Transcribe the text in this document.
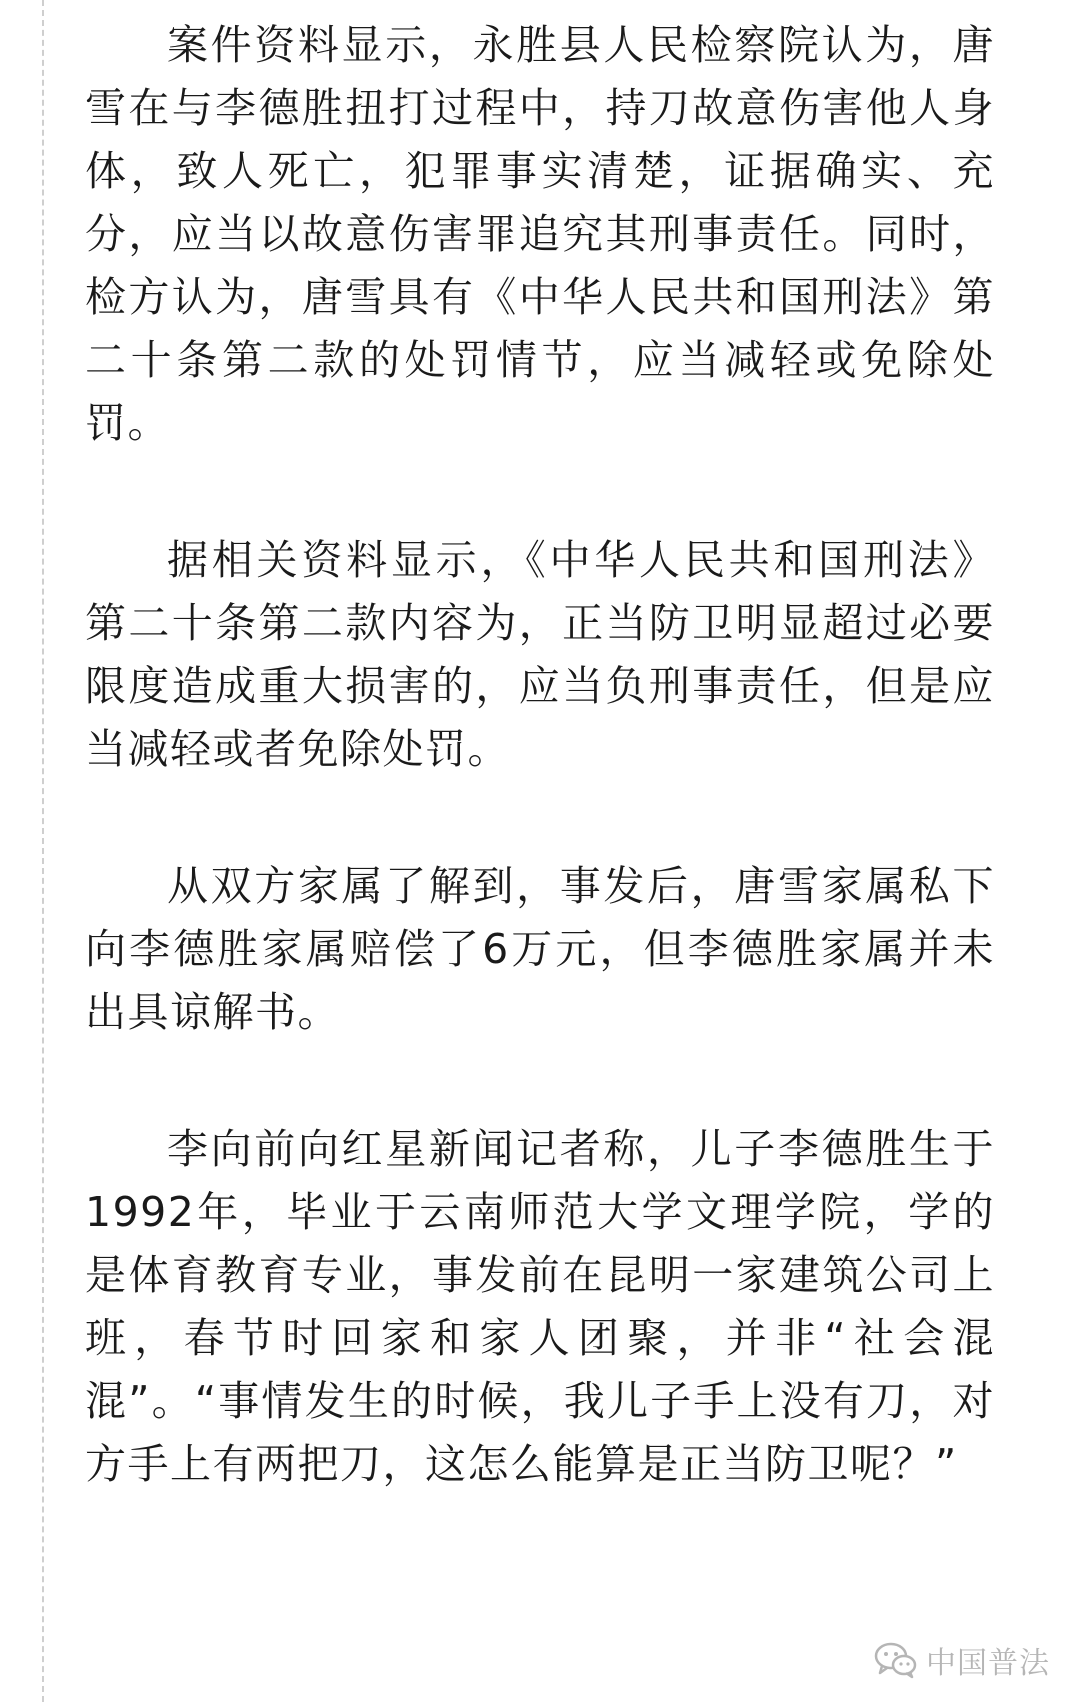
案件资料显示，永胜县人民检察院认为，唐雪在与李德胜扭打过程中，持刀故意伤害他人身体，致人死亡，犯罪事实清楚，证据确实、充分，应当以故意伤害罪追究其刑事责任。同时，检方认为，唐雪具有《中华人民共和国刑法》第二十条第二款的处罚情节，应当减轻或免除处罚。

据相关资料显示，《中华人民共和国刑法》第二十条第二款内容为，正当防卫明显超过必要限度造成重大损害的，应当负刑事责任，但是应当减轻或者免除处罚。

从双方家属了解到，事发后，唐雪家属私下向李德胜家属赔偿了6万元，但李德胜家属并未出具谅解书。

李向前向红星新闻记者称，儿子李德胜生于1992年，毕业于云南师范大学文理学院，学的是体育教育专业，事发前在昆明一家建筑公司上班，春节时回家和家人团聚，并非“社会混混”。“事情发生的时候，我儿子手上没有刀，对方手上有两把刀，这怎么能算是正当防卫呢？”

中国普法
